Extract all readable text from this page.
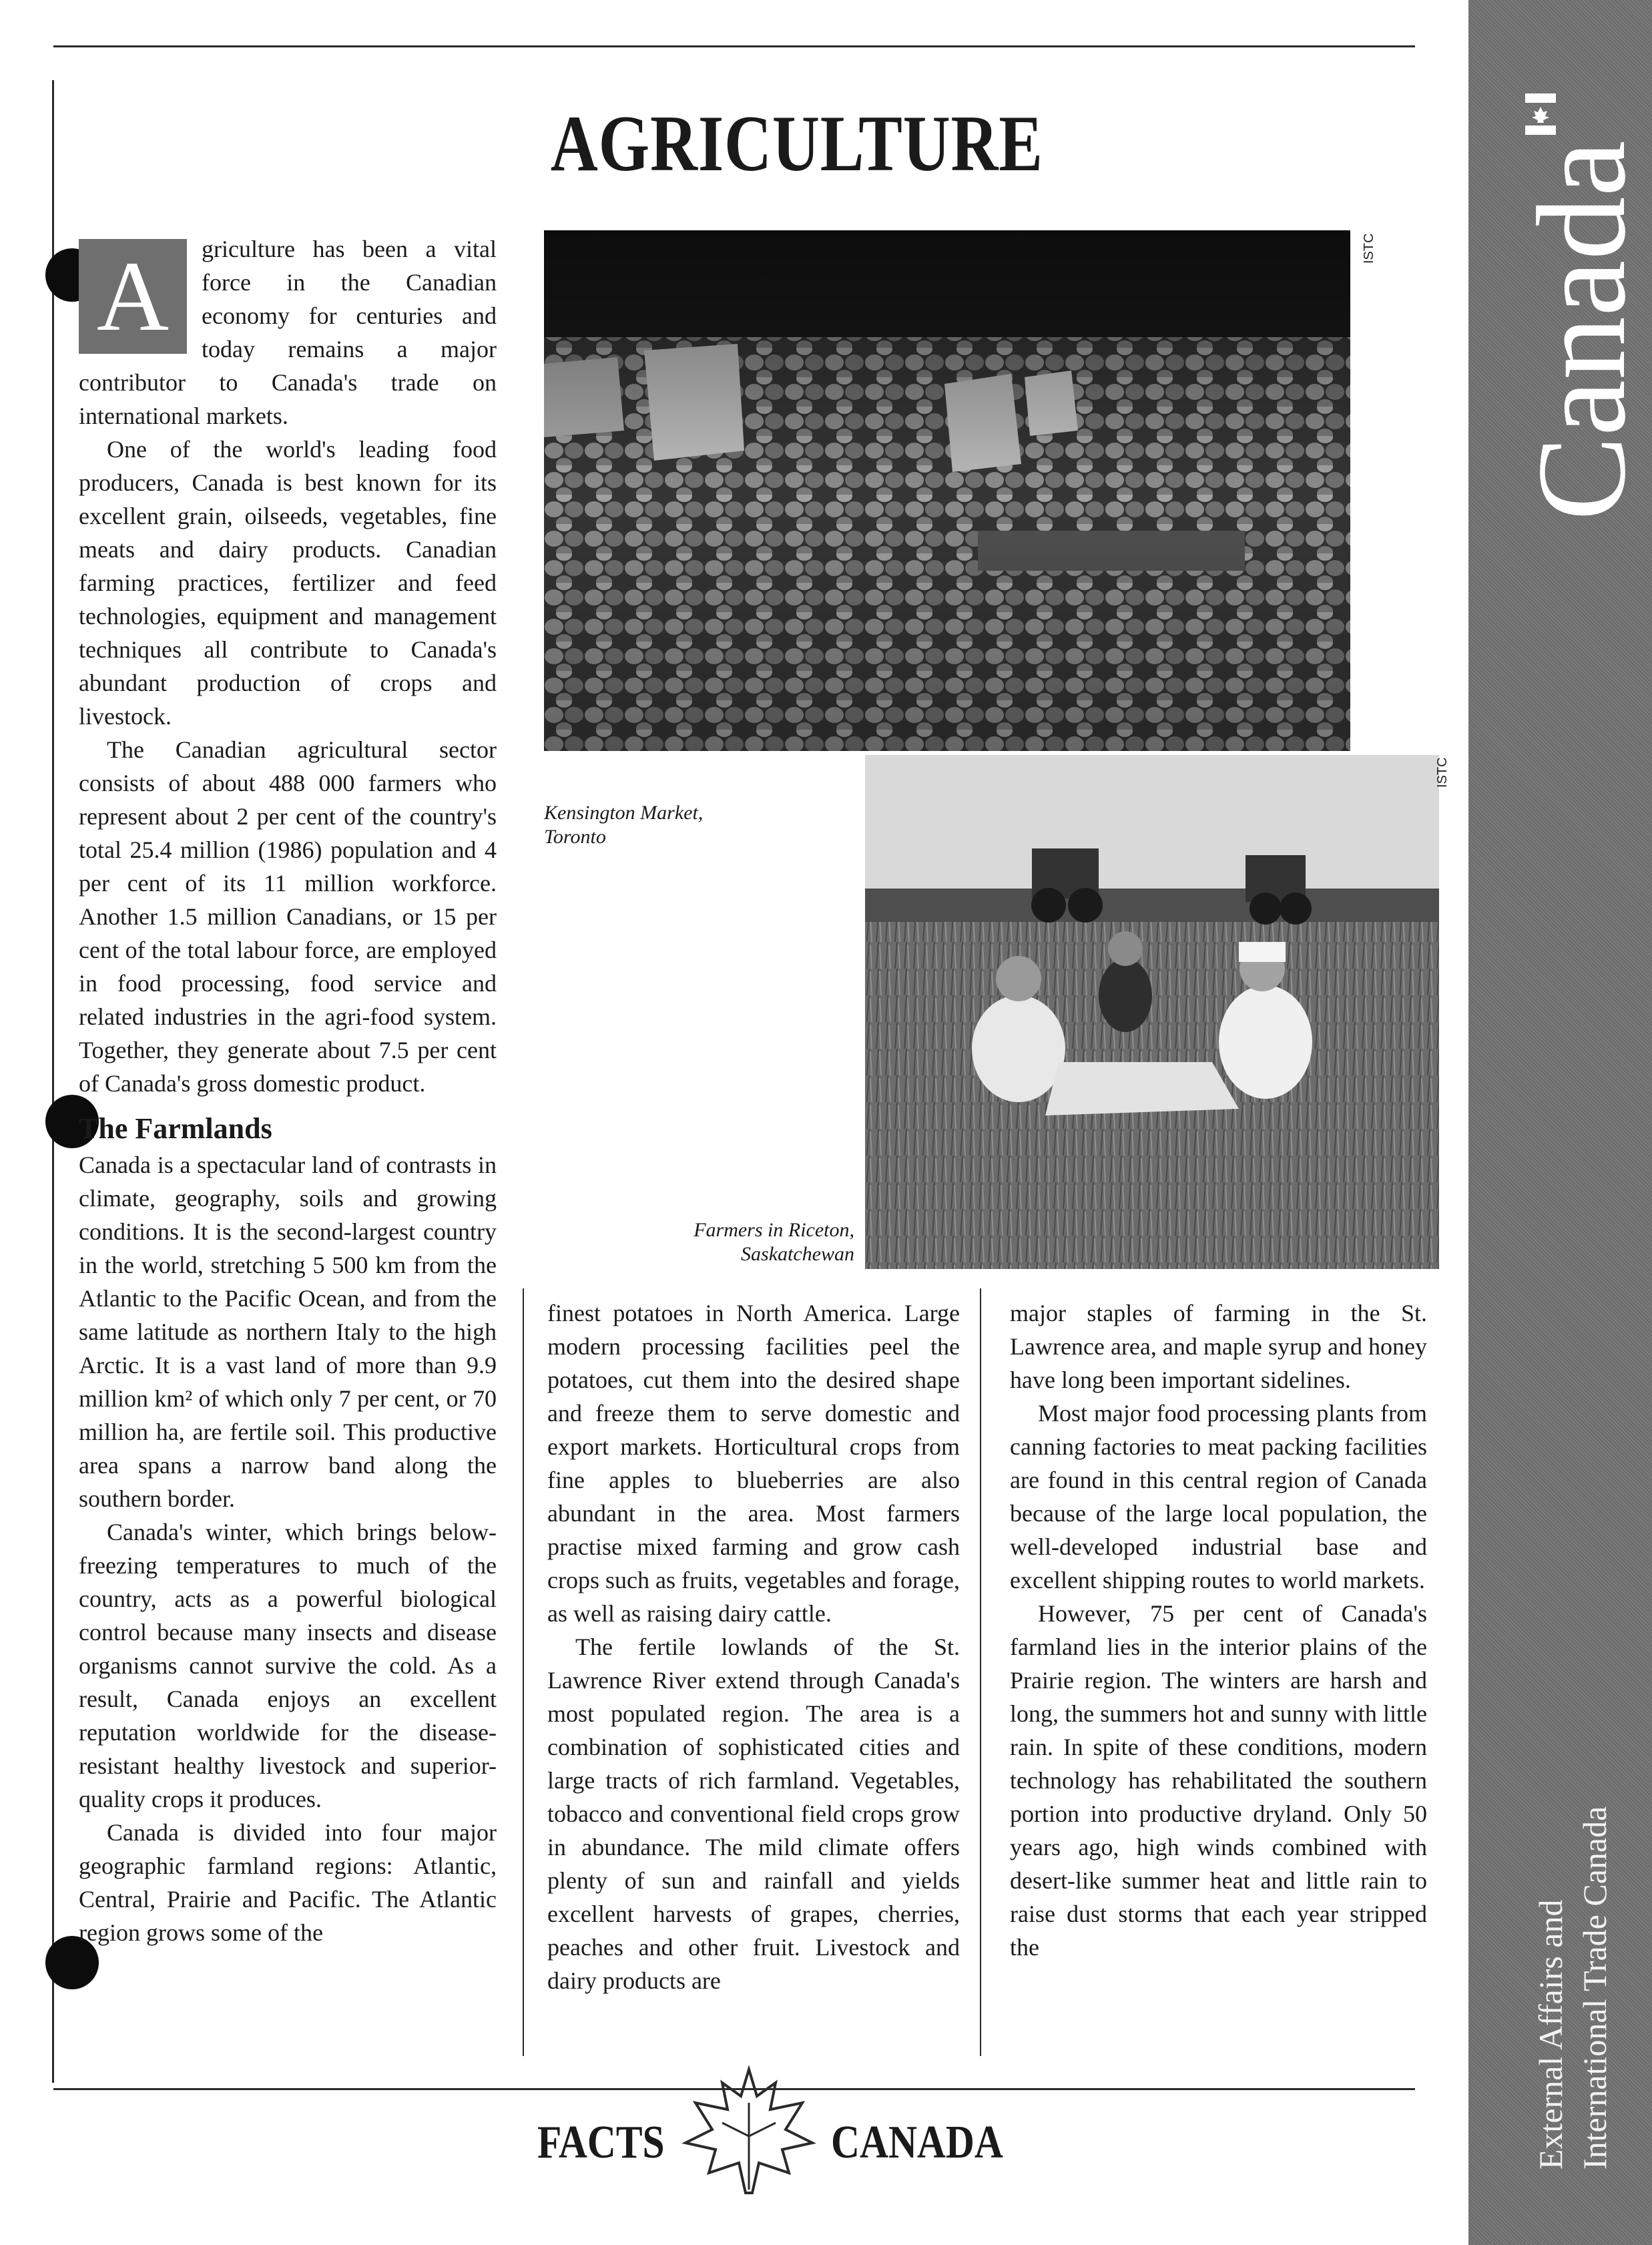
AGRICULTURE

A	griculture has been a vital force in the Canadian economy for centuries and today remains a major contributor to Canada's trade on international markets.

One of the world's leading food producers, Canada is best known for its excellent grain, oilseeds, vegetables, fine meats and dairy products. Canadian farming practices, fertilizer and feed technologies, equipment and management techniques all contribute to Canada's abundant production of crops and livestock.

The Canadian agricultural sector consists of about 488 000 farmers who represent about 2 per cent of the country's total 25.4 million (1986) population and 4 per cent of its 11 million workforce. Another 1.5 million Canadians, or 15 per cent of the total labour force, are employed in food processing, food service and related industries in the agri-food system. Together, they generate about 7.5 per cent of Canada's gross domestic product.

The Farmlands

Canada is a spectacular land of contrasts in climate, geography, soils and growing conditions. It is the second-largest country in the world, stretching 5 500 km from the Atlantic to the Pacific Ocean, and from the same latitude as northern Italy to the high Arctic. It is a vast land of more than 9.9 million km² of which only 7 per cent, or 70 million ha, are fertile soil. This productive area spans a narrow band along the southern border.

Canada's winter, which brings below-freezing temperatures to much of the country, acts as a powerful biological control because many insects and disease organisms cannot survive the cold. As a result, Canada enjoys an excellent reputation worldwide for the disease-resistant healthy livestock and superior-quality crops it produces.

Canada is divided into four major geographic farmland regions: Atlantic, Central, Prairie and Pacific. The Atlantic region grows some of the

ISTC
Kensington Market,
Toronto
ISTC
Farmers in Riceton,
Saskatchewan

finest potatoes in North America. Large modern processing facilities peel the potatoes, cut them into the desired shape and freeze them to serve domestic and export markets. Horticultural crops from fine apples to blueberries are also abundant in the area. Most farmers practise mixed farming and grow cash crops such as fruits, vegetables and forage, as well as raising dairy cattle.

The fertile lowlands of the St. Lawrence River extend through Canada's most populated region. The area is a combination of sophisticated cities and large tracts of rich farmland. Vegetables, tobacco and conventional field crops grow in abundance. The mild climate offers plenty of sun and rainfall and yields excellent harvests of grapes, cherries, peaches and other fruit. Livestock and dairy products are

major staples of farming in the St. Lawrence area, and maple syrup and honey have long been important sidelines.

Most major food processing plants from canning factories to meat packing facilities are found in this central region of Canada because of the large local population, the well-developed industrial base and excellent shipping routes to world markets.

However, 75 per cent of Canada's farmland lies in the interior plains of the Prairie region. The winters are harsh and long, the summers hot and sunny with little rain. In spite of these conditions, modern technology has rehabilitated the southern portion into productive dryland. Only 50 years ago, high winds combined with desert-like summer heat and little rain to raise dust storms that each year stripped the

FACTS	CANADA
Canada
External Affairs and International Trade Canada
